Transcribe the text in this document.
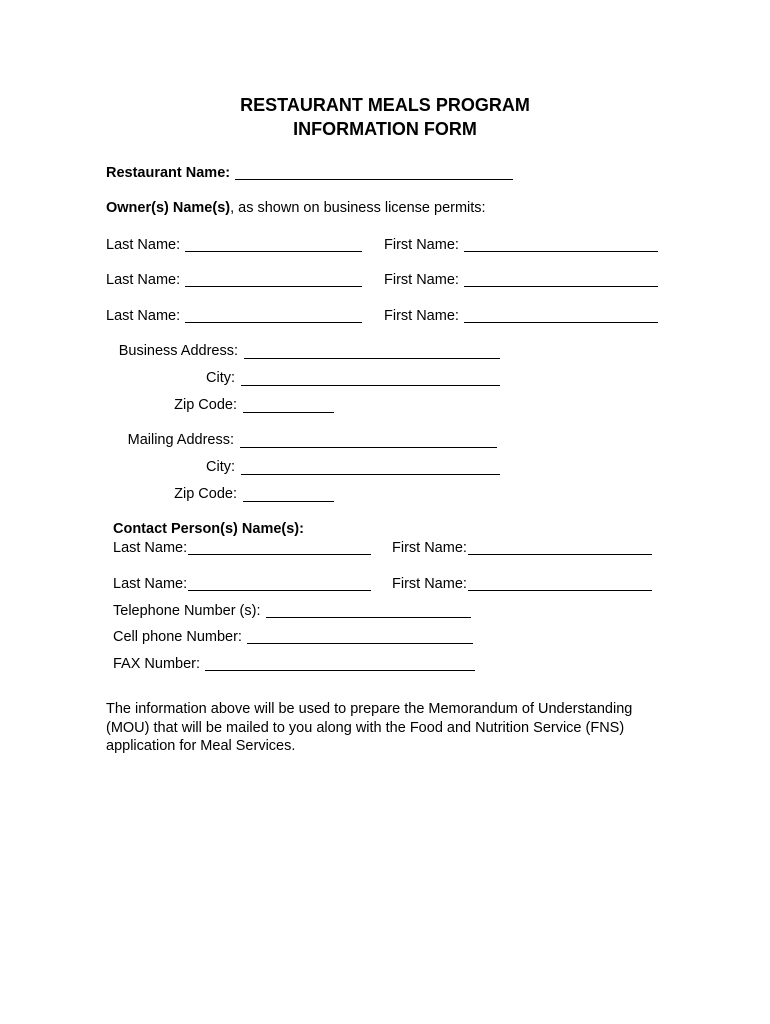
RESTAURANT MEALS PROGRAM
INFORMATION FORM
Restaurant Name:
Owner(s) Name(s) , as shown on business license permits:
Last Name:	First Name:
Last Name:	First Name:
Last Name:	First Name:
Business Address:
City:
Zip Code:
Mailing Address:
City:
Zip Code:
Contact Person(s) Name(s):
Last Name:	First Name:
Last Name:	First Name:
Telephone Number (s):
Cell phone Number:
FAX Number:
The information above will be used to prepare the Memorandum of Understanding (MOU) that will be mailed to you along with the Food and Nutrition Service (FNS) application for Meal Services.
